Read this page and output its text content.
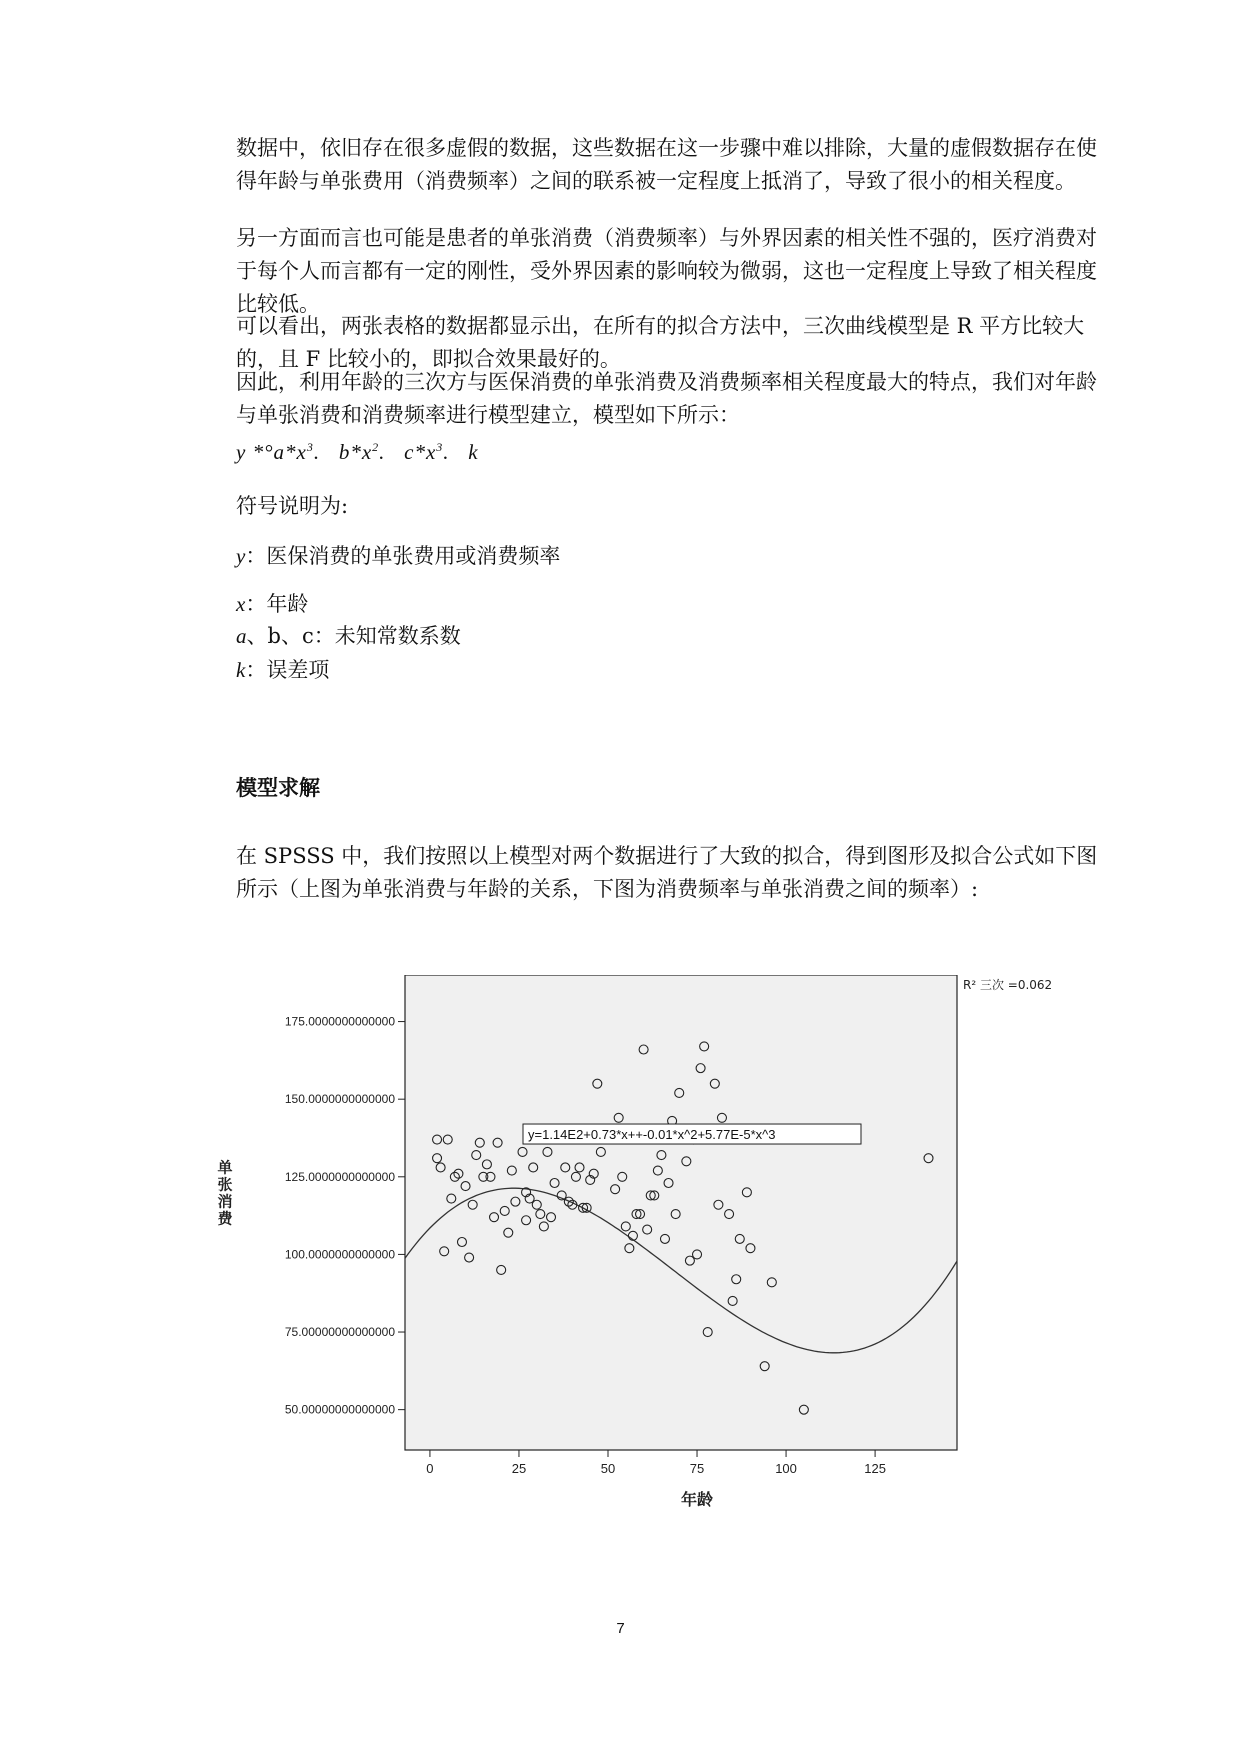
数据中，依旧存在很多虚假的数据，这些数据在这一步骤中难以排除，大量的虚假数据存在使得年龄与单张费用（消费频率）之间的联系被一定程度上抵消了，导致了很小的相关程度。
另一方面而言也可能是患者的单张消费（消费频率）与外界因素的相关性不强的，医疗消费对于每个人而言都有一定的刚性，受外界因素的影响较为微弱，这也一定程度上导致了相关程度比较低。
可以看出，两张表格的数据都显示出，在所有的拟合方法中，三次曲线模型是 R 平方比较大的，且 F 比较小的，即拟合效果最好的。
因此，利用年龄的三次方与医保消费的单张消费及消费频率相关程度最大的特点，我们对年龄与单张消费和消费频率进行模型建立，模型如下所示：
y $*^\circ a*x^3$.   $b*x^2$.   $c*x^3$.   k
符号说明为:
y：医保消费的单张费用或消费频率
x：年龄
a、b、c：未知常数系数
k：误差项
模型求解
在 SPSSS 中，我们按照以上模型对两个数据进行了大致的拟合，得到图形及拟合公式如下图所示（上图为单张消费与年龄的关系，下图为消费频率与单张消费之间的频率）:
50.00000000000000
75.00000000000000
100.0000000000000
125.0000000000000
150.0000000000000
175.0000000000000
0	25	50	75	100	125
年龄
单
张
消
费
y=1.14E2+0.73*x++-0.01*x^2+5.77E-5*x^3
R² 三次 =0.062
7
